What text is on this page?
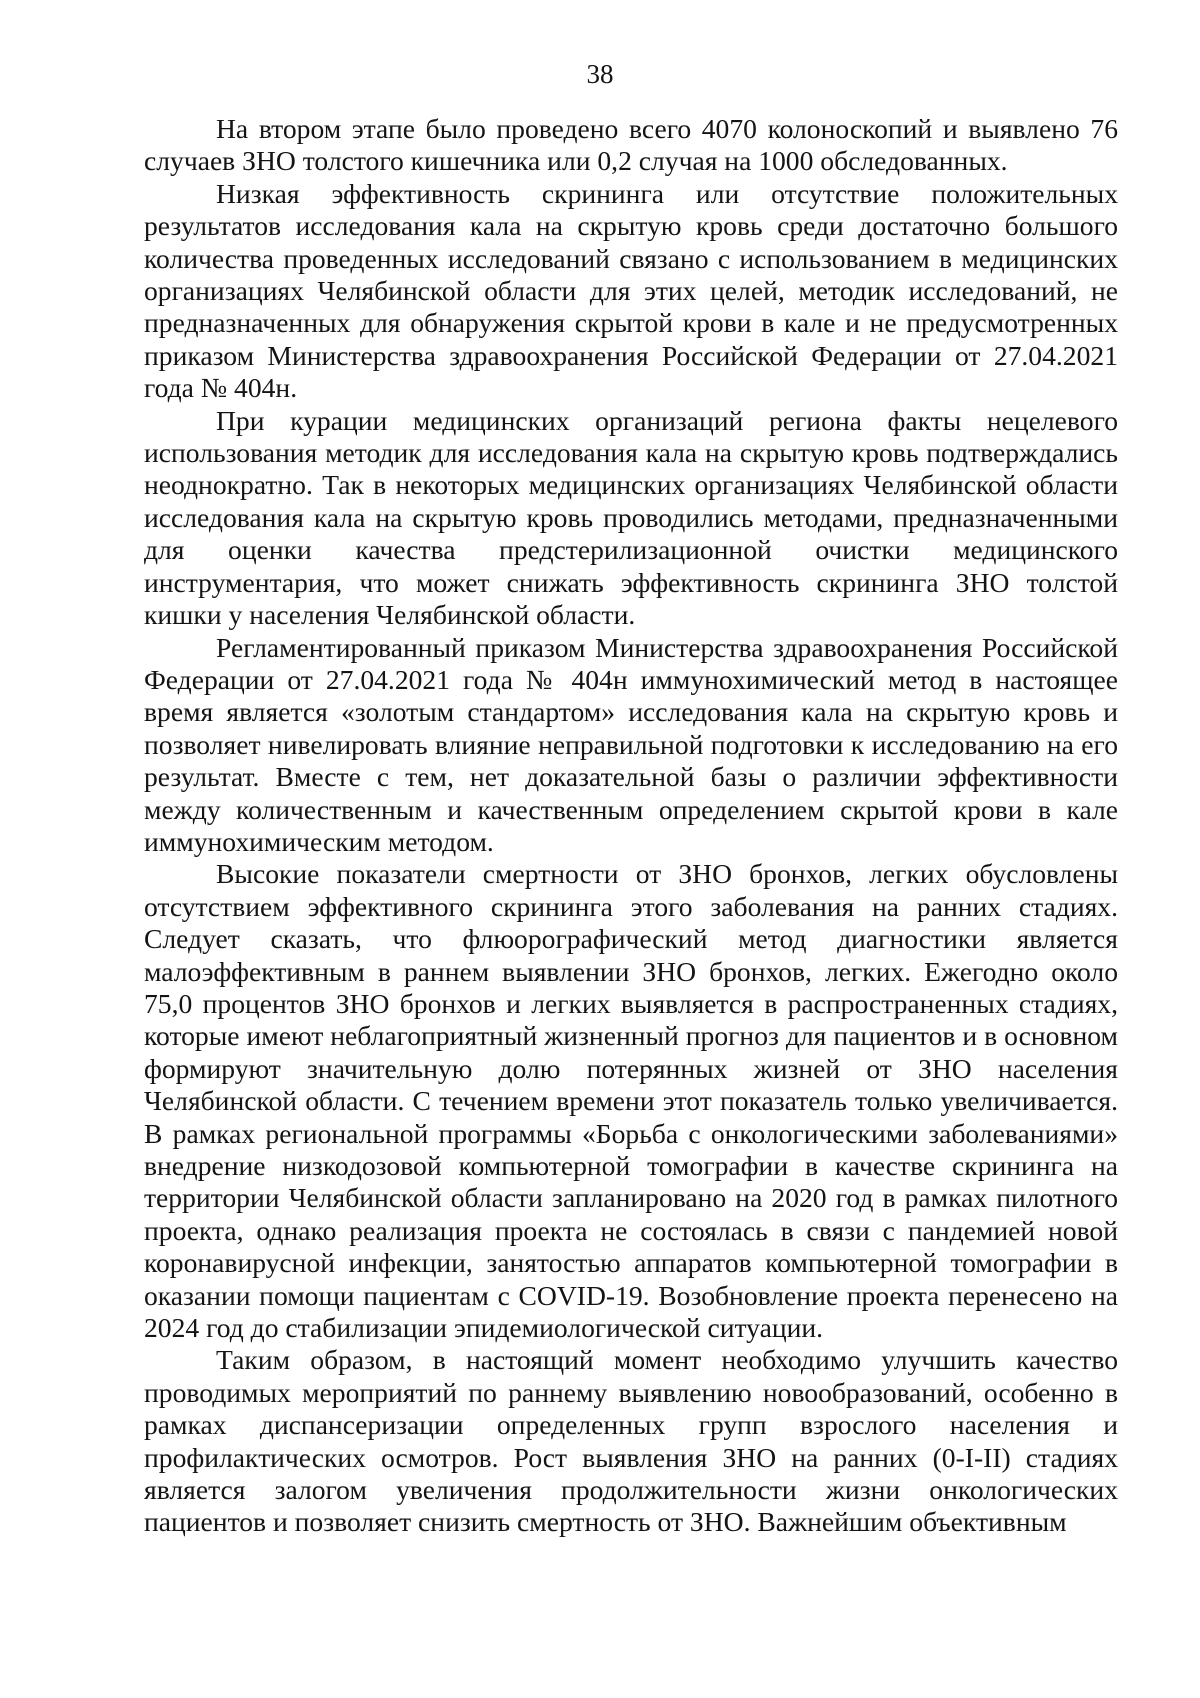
38

На втором этапе было проведено всего 4070 колоноскопий и выявлено 76 случаев ЗНО толстого кишечника или 0,2 случая на 1000 обследованных.

Низкая эффективность скрининга или отсутствие положительных результатов исследования кала на скрытую кровь среди достаточно большого количества проведенных исследований связано с использованием в медицинских организациях Челябинской области для этих целей, методик исследований, не предназначенных для обнаружения скрытой крови в кале и не предусмотренных приказом Министерства здравоохранения Российской Федерации от 27.04.2021 года № 404н.

При курации медицинских организаций региона факты нецелевого использования методик для исследования кала на скрытую кровь подтверждались неоднократно. Так в некоторых медицинских организациях Челябинской области исследования кала на скрытую кровь проводились методами, предназначенными для оценки качества предстерилизационной очистки медицинского инструментария, что может снижать эффективность скрининга ЗНО толстой кишки у населения Челябинской области.

Регламентированный приказом Министерства здравоохранения Российской Федерации от 27.04.2021 года № 404н иммунохимический метод в настоящее время является «золотым стандартом» исследования кала на скрытую кровь и позволяет нивелировать влияние неправильной подготовки к исследованию на его результат. Вместе с тем, нет доказательной базы о различии эффективности между количественным и качественным определением скрытой крови в кале иммунохимическим методом.

Высокие показатели смертности от ЗНО бронхов, легких обусловлены отсутствием эффективного скрининга этого заболевания на ранних стадиях. Следует сказать, что флюорографический метод диагностики является малоэффективным в раннем выявлении ЗНО бронхов, легких. Ежегодно около 75,0 процентов ЗНО бронхов и легких выявляется в распространенных стадиях, которые имеют неблагоприятный жизненный прогноз для пациентов и в основном формируют значительную долю потерянных жизней от ЗНО населения Челябинской области. С течением времени этот показатель только увеличивается. В рамках региональной программы «Борьба с онкологическими заболеваниями» внедрение низкодозовой компьютерной томографии в качестве скрининга на территории Челябинской области запланировано на 2020 год в рамках пилотного проекта, однако реализация проекта не состоялась в связи с пандемией новой коронавирусной инфекции, занятостью аппаратов компьютерной томографии в оказании помощи пациентам с COVID-19. Возобновление проекта перенесено на 2024 год до стабилизации эпидемиологической ситуации.

Таким образом, в настоящий момент необходимо улучшить качество проводимых мероприятий по раннему выявлению новообразований, особенно в рамках диспансеризации определенных групп взрослого населения и профилактических осмотров. Рост выявления ЗНО на ранних (0-I-II) стадиях является залогом увеличения продолжительности жизни онкологических пациентов и позволяет снизить смертность от ЗНО. Важнейшим объективным
